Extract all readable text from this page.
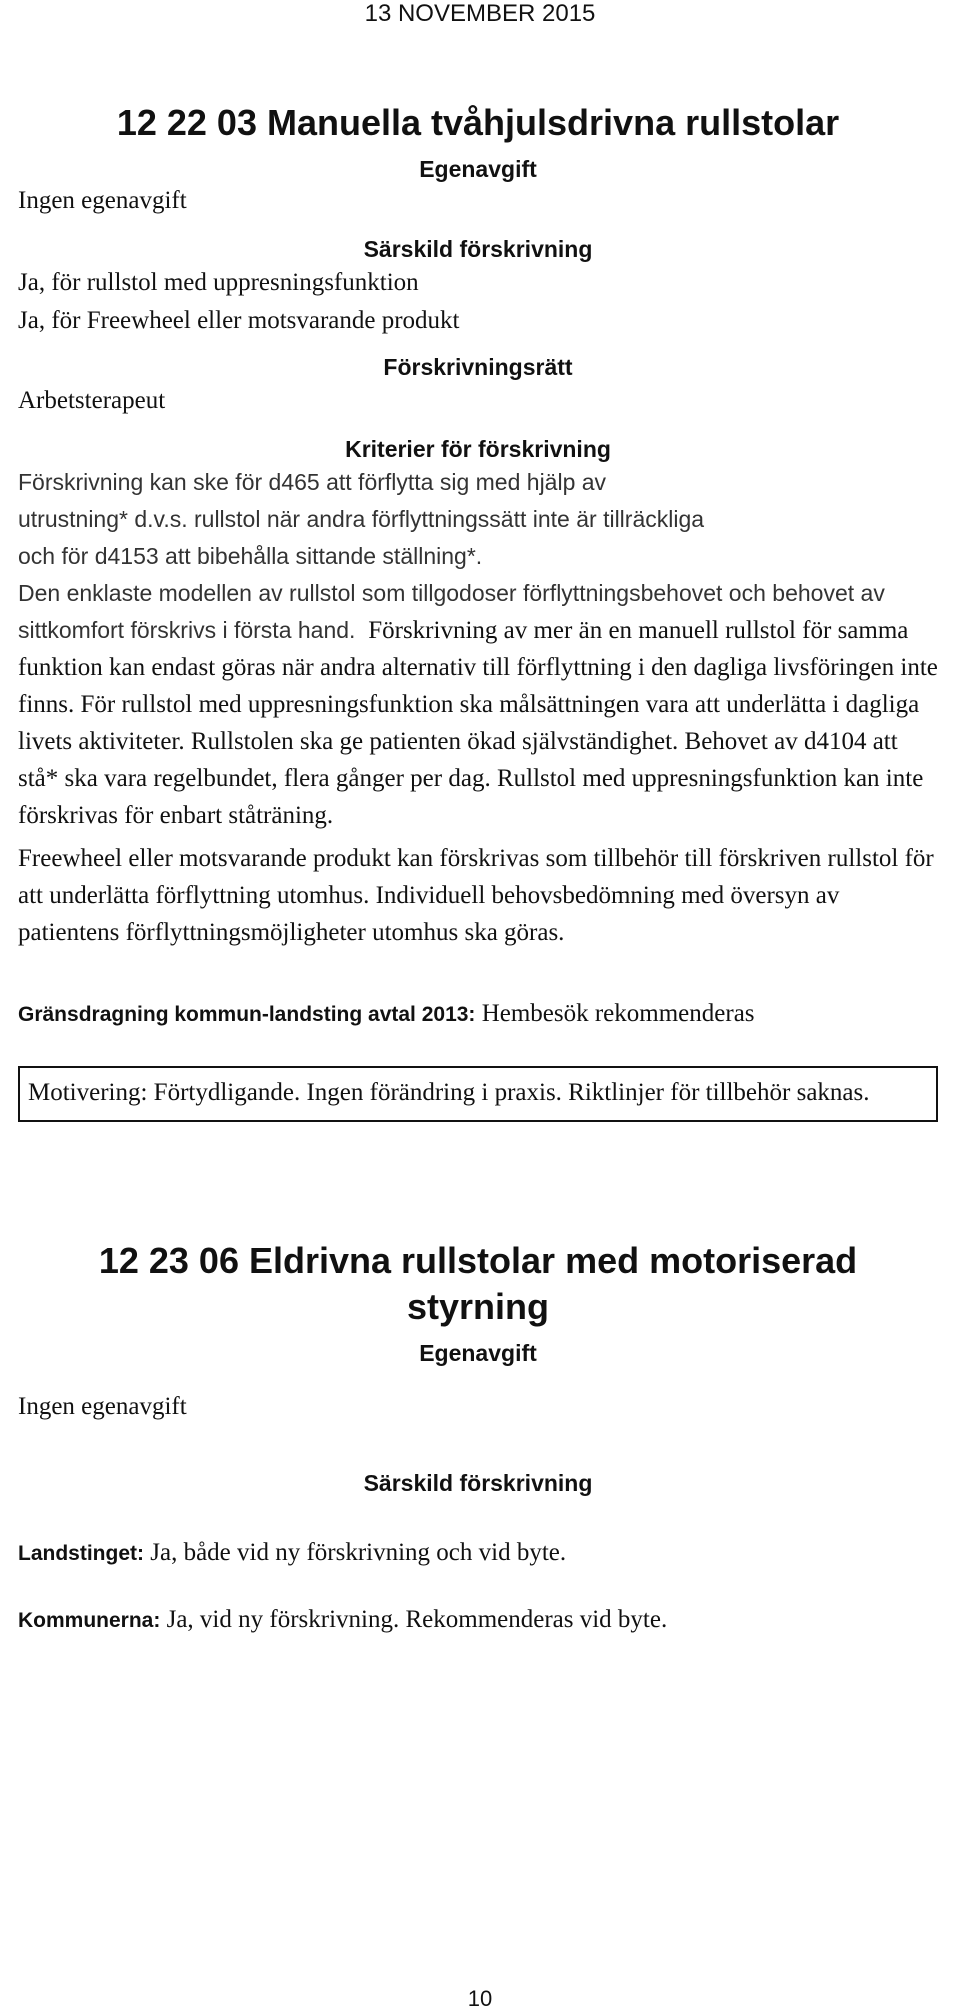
13 NOVEMBER 2015
12 22 03 Manuella tvåhjulsdrivna rullstolar

Egenavgift

Ingen egenavgift

Särskild förskrivning

Ja, för rullstol med uppresningsfunktion

Ja, för Freewheel eller motsvarande produkt

Förskrivningsrätt

Arbetsterapeut

Kriterier för förskrivning

Förskrivning kan ske för d465 att förflytta sig med hjälp av
utrustning* d.v.s. rullstol när andra förflyttningssätt inte är tillräckliga
och för d4153 att bibehålla sittande ställning*.
Den enklaste modellen av rullstol som tillgodoser förflyttningsbehovet och behovet av sittkomfort förskrivs i första hand. Förskrivning av mer än en manuell rullstol för samma funktion kan endast göras när andra alternativ till förflyttning i den dagliga livsföringen inte finns. För rullstol med uppresningsfunktion ska målsättningen vara att underlätta i dagliga livets aktiviteter. Rullstolen ska ge patienten ökad självständighet. Behovet av d4104 att stå* ska vara regelbundet, flera gånger per dag. Rullstol med uppresningsfunktion kan inte förskrivas för enbart ståträning.

Freewheel eller motsvarande produkt kan förskrivas som tillbehör till förskriven rullstol för att underlätta förflyttning utomhus. Individuell behovsbedömning med översyn av patientens förflyttningsmöjligheter utomhus ska göras.

Gränsdragning kommun-landsting avtal 2013: Hembesök rekommenderas

Motivering: Förtydligande. Ingen förändring i praxis. Riktlinjer för tillbehör saknas.
12 23 06 Eldrivna rullstolar med motoriserad styrning

Egenavgift

Ingen egenavgift

Särskild förskrivning

Landstinget: Ja, både vid ny förskrivning och vid byte.

Kommunerna: Ja, vid ny förskrivning. Rekommenderas vid byte.

10
